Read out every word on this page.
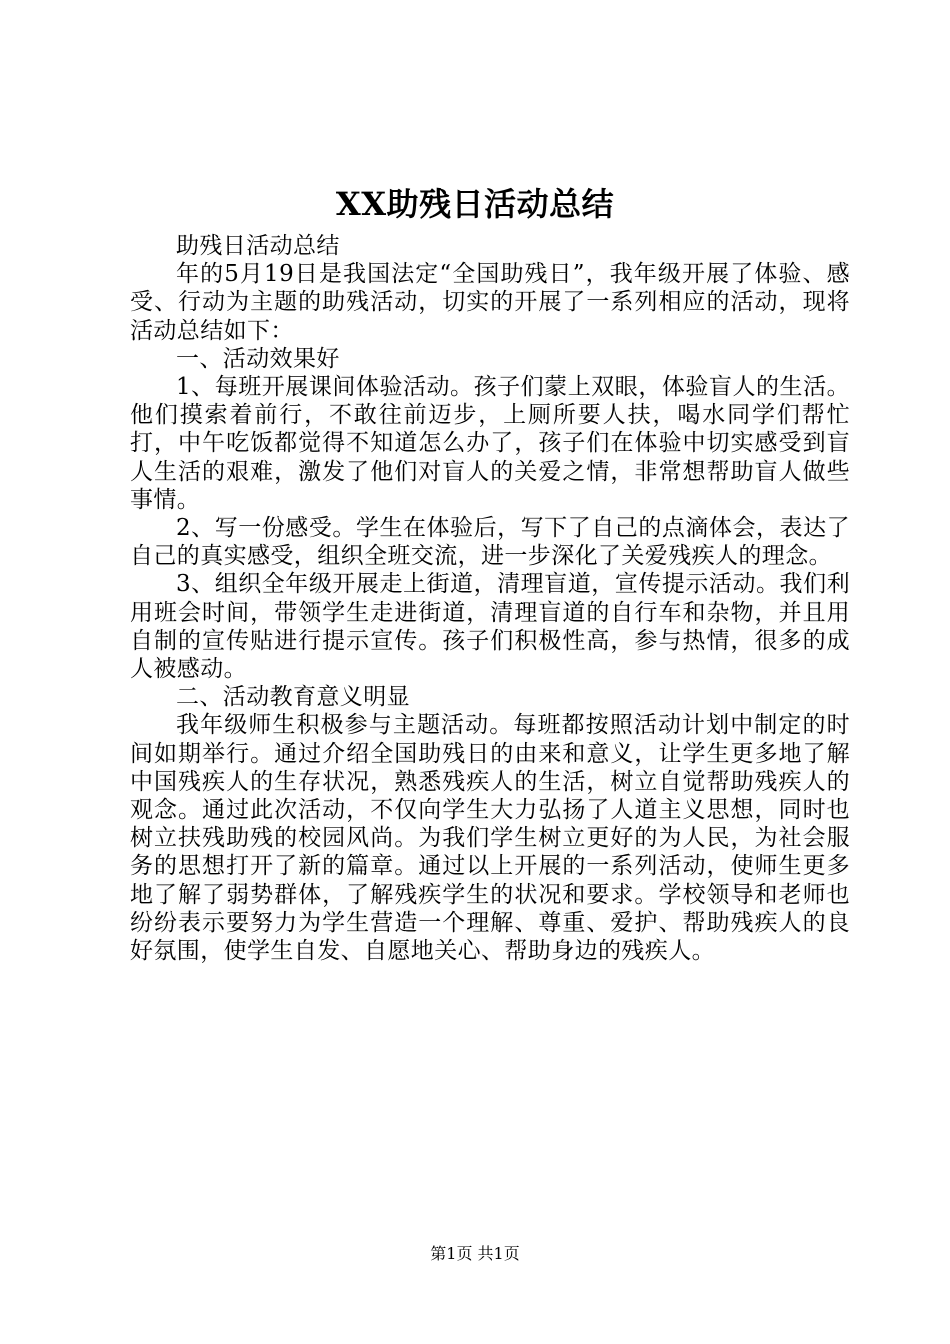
XX助残日活动总结

助残日活动总结

年的5月19日是我国法定“全国助残日”，我年级开展了体验、感受、行动为主题的助残活动，切实的开展了一系列相应的活动，现将活动总结如下：

一、活动效果好

1、每班开展课间体验活动。孩子们蒙上双眼，体验盲人的生活。他们摸索着前行，不敢往前迈步，上厕所要人扶，喝水同学们帮忙打，中午吃饭都觉得不知道怎么办了，孩子们在体验中切实感受到盲人生活的艰难，激发了他们对盲人的关爱之情，非常想帮助盲人做些事情。

2、写一份感受。学生在体验后，写下了自己的点滴体会，表达了自己的真实感受，组织全班交流，进一步深化了关爱残疾人的理念。

3、组织全年级开展走上街道，清理盲道，宣传提示活动。我们利用班会时间，带领学生走进街道，清理盲道的自行车和杂物，并且用自制的宣传贴进行提示宣传。孩子们积极性高，参与热情，很多的成人被感动。

二、活动教育意义明显

我年级师生积极参与主题活动。每班都按照活动计划中制定的时间如期举行。通过介绍全国助残日的由来和意义，让学生更多地了解中国残疾人的生存状况，熟悉残疾人的生活，树立自觉帮助残疾人的观念。通过此次活动，不仅向学生大力弘扬了人道主义思想，同时也树立扶残助残的校园风尚。为我们学生树立更好的为人民，为社会服务的思想打开了新的篇章。通过以上开展的一系列活动，使师生更多地了解了弱势群体，了解残疾学生的状况和要求。学校领导和老师也纷纷表示要努力为学生营造一个理解、尊重、爱护、帮助残疾人的良好氛围，使学生自发、自愿地关心、帮助身边的残疾人。

第1页 共1页
